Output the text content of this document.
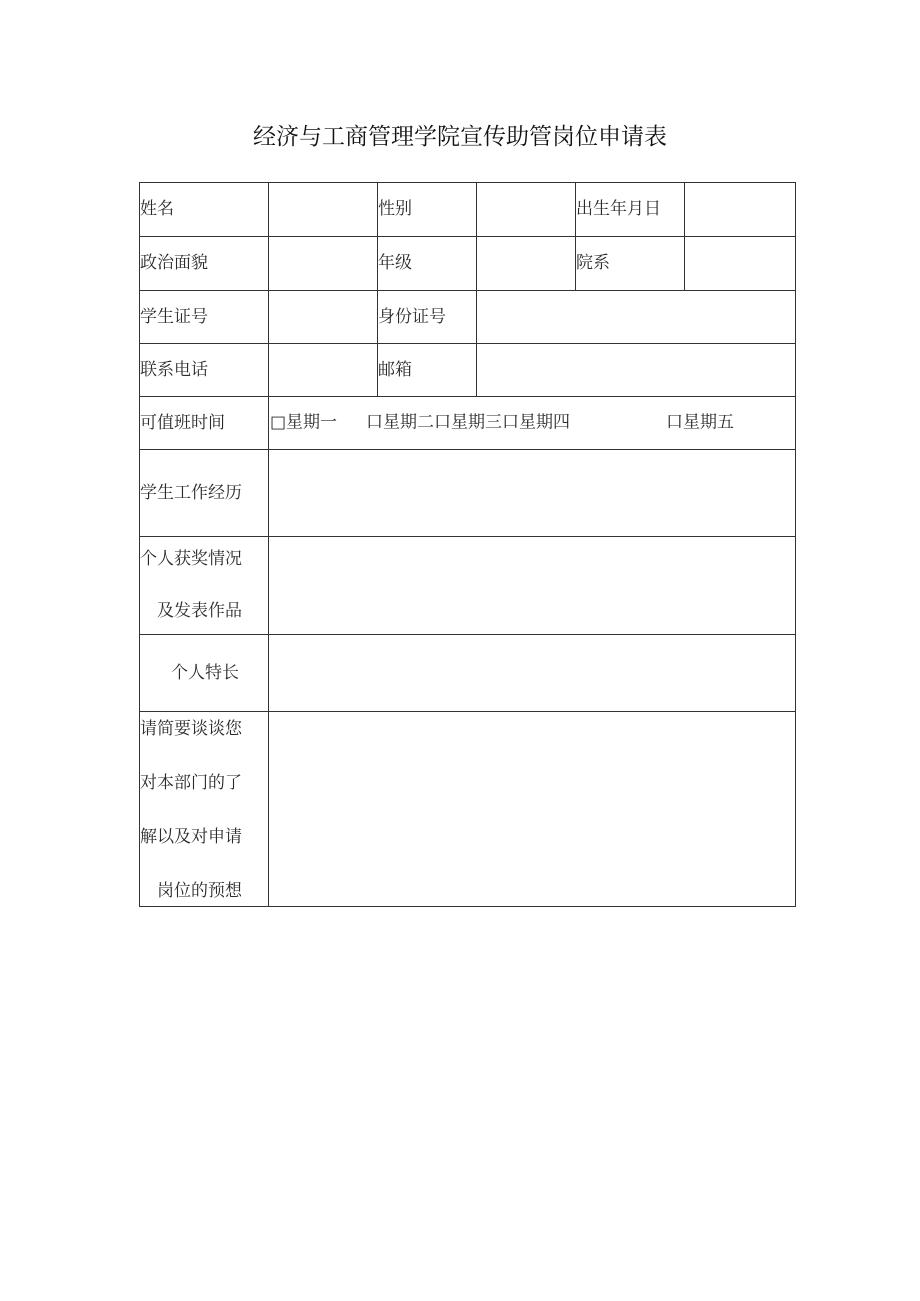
经济与工商管理学院宣传助管岗位申请表
姓名		性别		出生年月日	
政治面貌		年级		院系	
学生证号		身份证号			
联系电话		邮箱			
可值班时间	□星期一 口星期二口星期三口星期四 口星期五				

学生工作经历					

个人获奖情况
及发表作品					

个人特长					

请简要谈谈您
对本部门的了
解以及对申请
岗位的预想					
